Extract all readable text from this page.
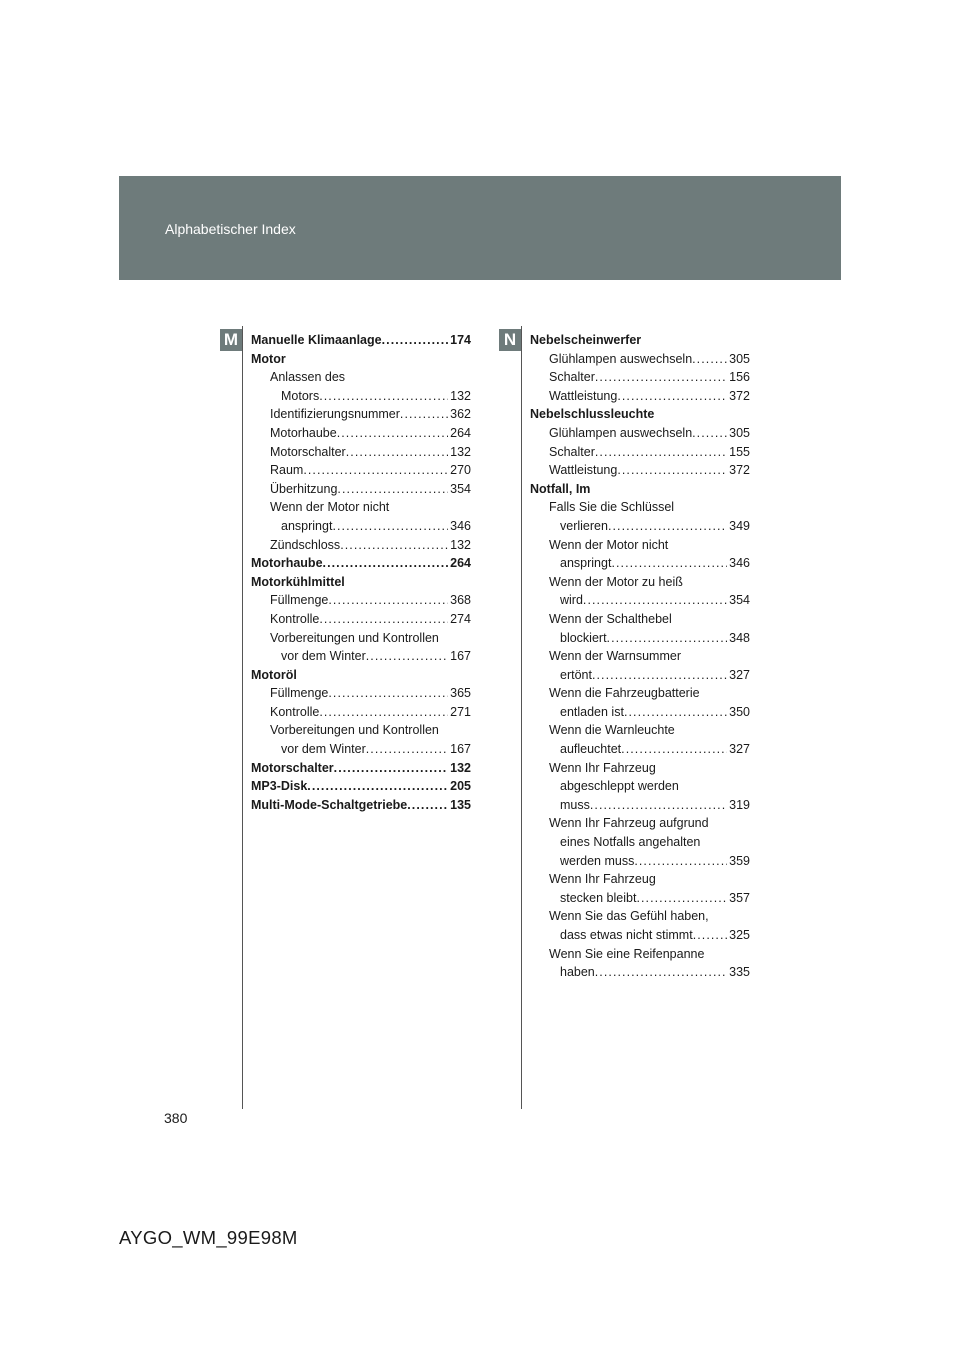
Alphabetischer Index
M	N
Manuelle Klimaanlage . . .	174
Motor
Anlassen des
Motors . . .	132
Identifizierungsnummer . . .	362
Motorhaube . . .	264
Motorschalter . . .	132
Raum . . .	270
Überhitzung . . .	354
Wenn der Motor nicht
anspringt . . .	346
Zündschloss . . .	132
Motorhaube . . .	264
Motorkühlmittel
Füllmenge . . .	368
Kontrolle . . .	274
Vorbereitungen und Kontrollen
vor dem Winter . . .	167
Motoröl
Füllmenge . . .	365
Kontrolle . . .	271
Vorbereitungen und Kontrollen
vor dem Winter . . .	167
Motorschalter . . .	132
MP3-Disk . . .	205
Multi-Mode-Schaltgetriebe . . .	135
Nebelscheinwerfer
Glühlampen auswechseln . . .	305
Schalter . . .	156
Wattleistung . . .	372
Nebelschlussleuchte
Glühlampen auswechseln . . .	305
Schalter . . .	155
Wattleistung . . .	372
Notfall, Im
Falls Sie die Schlüssel
verlieren . . .	349
Wenn der Motor nicht
anspringt . . .	346
Wenn der Motor zu heiß
wird . . .	354
Wenn der Schalthebel
blockiert . . .	348
Wenn der Warnsummer
ertönt . . .	327
Wenn die Fahrzeugbatterie
entladen ist . . .	350
Wenn die Warnleuchte
aufleuchtet . . .	327
Wenn Ihr Fahrzeug
abgeschleppt werden
muss . . .	319
Wenn Ihr Fahrzeug aufgrund
eines Notfalls angehalten
werden muss . . .	359
Wenn Ihr Fahrzeug
stecken bleibt . . .	357
Wenn Sie das Gefühl haben,
dass etwas nicht stimmt . . .	325
Wenn Sie eine Reifenpanne
haben . . .	335
380
AYGO_WM_99E98M
